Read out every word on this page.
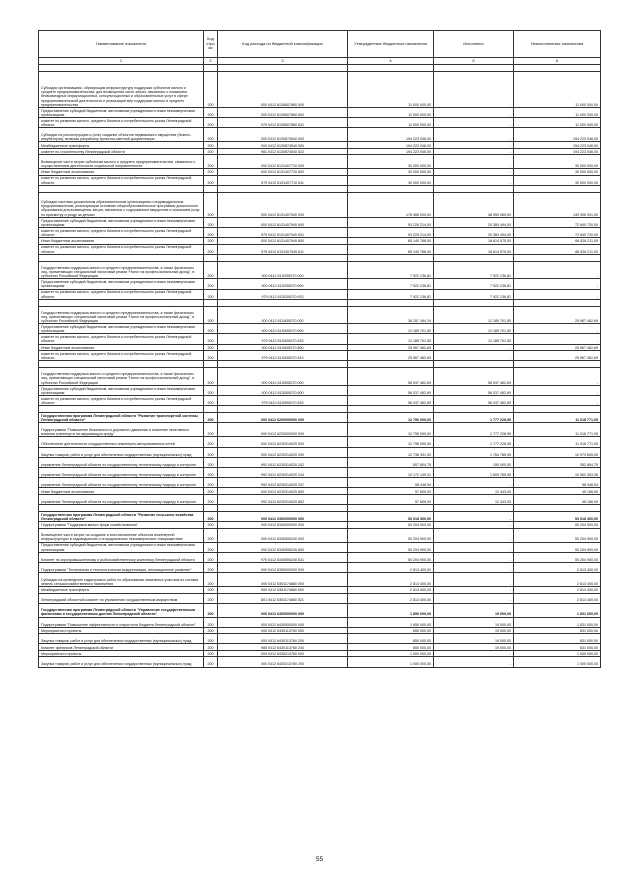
Наименование показателя	Код стро ки	Код расхода по бюджетной классификации	Утвержденные бюджетные назначения	Исполнено	Неисполненные назначения
1	2	3	4	5	6

Субсидии организациям, образующим инфраструктуру поддержки субъектов малого и среднего предпринимательства, для возмещения части затрат, связанных с оказанием безвозмездных информационных, консультационных и образовательных услуг в сфере предпринимательской деятельности и реализации мер поддержки малого и среднего предпринимательства	200	000 0412 6130607860 000	11 000 000,00	-	11 000 000,00
Предоставление субсидий бюджетным, автономным учреждениям и иным некоммерческим организациям	200	000 0412 6130607860 600	11 000 000,00	-	11 000 000,00
комитет по развитию малого, среднего бизнеса и потребительского рынка Ленинградской области	200	979 0412 6130607860 631	11 000 000,00	-	11 000 000,00
Субсидии на реконструкцию и (или) создание объектов недвижимого имущества (бизнес-инкубаторов), включая разработку проектно-сметной документации	200	000 0412 6130874540 000	194 223 046,00	-	194 223 046,00
Межбюджетные трансферты	200	000 0412 6130874540 500	194 223 046,00	-	194 223 046,00
комитет по строительству Ленинградской области	200	981 0412 6130874540 522	194 223 046,00	-	194 223 046,00
Возмещение части затрат субъектам малого и среднего предпринимательства, связанных с осуществлением деятельности социальной направленности	200	000 0412 6131407710 000	30 000 000,00	-	30 000 000,00
Иные бюджетные ассигнования	200	000 0412 6131407710 800	30 000 000,00	-	30 000 000,00
комитет по развитию малого, среднего бизнеса и потребительского рынка Ленинградской области	200	979 0412 6131407710 811	30 000 000,00	-	30 000 000,00

Субсидии частным дошкольным образовательным организациям и индивидуальным предпринимателям, реализующим основные общеобразовательные программы дошкольного образования для возмещения затрат, связанных с содержанием имущества и оказанием услуг по присмотру и уходу за детьми	200	000 0412 6131407940 000	178 366 000,00	38 959 069,00	139 306 931,00
Предоставление субсидий бюджетным, автономным учреждениям и иным некоммерческим организациям	200	000 0412 6131407940 600	93 225 214,00	20 384 494,00	72 840 720,00
комитет по развитию малого, среднего бизнеса и потребительского рынка Ленинградской области	200	979 0412 6131407940 631	93 225 214,00	20 384 494,00	72 840 720,00
Иные бюджетные ассигнования	200	000 0412 6131407940 800	85 140 786,00	18 614 575,00	66 526 211,00
комитет по развитию малого, среднего бизнеса и потребительского рынка Ленинградской области	200	979 0412 6131407940 811	85 140 786,00	18 614 575,00	66 526 211,00

Государственная поддержка малого и среднего предпринимательства, а также физических лиц, применяющих специальный налоговый режим "Налог на профессиональный доход", в субъектах Российской Федерации	200	000 0412 613I255270 000	7 922 236,81	7 922 236,81	-
Предоставление субсидий бюджетным, автономным учреждениям и иным некоммерческим организациям	200	000 0412 613I255270 600	7 922 236,81	7 922 236,81	-
комитет по развитию малого, среднего бизнеса и потребительского рынка Ленинградской области	200	979 0412 613I255270 633	7 922 236,81	7 922 236,81	-

Государственная поддержка малого и среднего предпринимательства, а также физических лиц, применяющих специальный налоговый режим "Налог на профессиональный доход", в субъектах Российской Федерации	200	000 0412 613I455270 000	38 157 164,19	12 189 701,50	25 967 462,69
Предоставление субсидий бюджетным, автономным учреждениям и иным некоммерческим организациям	200	000 0412 613I455270 600	12 189 701,50	12 189 701,50	-
комитет по развитию малого, среднего бизнеса и потребительского рынка Ленинградской области	200	979 0412 613I455270 633	12 189 701,50	12 189 701,50	-
Иные бюджетные ассигнования	200	000 0412 613I455270 800	25 967 462,69	-	25 967 462,69
комитет по развитию малого, среднего бизнеса и потребительского рынка Ленинградской области	200	979 0412 613I455270 813	25 967 462,69	-	25 967 462,69

Государственная поддержка малого и среднего предпринимательства, а также физических лиц, применяющих специальный налоговый режим "Налог на профессиональный доход", в субъектах Российской Федерации	200	000 0412 613I555270 000	56 037 462,69	56 037 462,69	-
Предоставление субсидий бюджетным, автономным учреждениям и иным некоммерческим организациям	200	000 0412 613I555270 600	56 037 462,69	56 037 462,69	-
комитет по развитию малого, среднего бизнеса и потребительского рынка Ленинградской области	200	979 0412 613I555270 633	56 037 462,69	56 037 462,69	-

Государственная программа Ленинградской области "Развитие транспортной системы Ленинградской области"	200	000 0412 6200000000 000	12 796 000,00	1 777 228,95	11 018 771,05
Подпрограмма "Повышение безопасности дорожного движения и снижение негативного влияния транспорта на окружающую среду"	200	000 0412 6230000000 000	12 796 000,00	1 777 228,95	11 018 771,05
Обеспечение деятельности государственных инженерно-авторизованных сетей	200	000 0412 6230314020 000	12 796 000,00	1 777 228,95	11 018 771,05
Закупка товаров, работ и услуг для обеспечения государственных (муниципальных) нужд	200	000 0412 6230314020 200	12 738 391,00	1 764 785,95	10 973 605,05
управление Ленинградской области по государственному техническому надзору и контролю	200	992 0412 6230314020 242	507 804,75	155 000,00	352 804,75
управление Ленинградской области по государственному техническому надзору и контролю	200	992 0412 6230314020 244	12 172 139,31	1 609 785,95	10 562 353,36
управление Ленинградской области по государственному техническому надзору и контролю	200	992 0412 6230314020 247	58 446,94	-	58 446,94
Иные бюджетные ассигнования	200	000 0412 6230314020 800	57 609,00	12 443,00	45 166,00
управление Ленинградской области по государственному техническому надзору и контролю	200	992 0412 6230314020 852	57 609,00	12 443,00	45 166,00

Государственная программа Ленинградской области "Развитие сельского хозяйства Ленинградской области"	200	000 0412 6300000000 000	53 018 300,00	-	53 018 300,00
Подпрограмма "Поддержка малых форм хозяйствования"	200	000 0412 6340000000 000	50 204 900,00	-	50 204 900,00
Возмещение части затрат на создание и восстановление объектов инженерной инфраструктуры в садоводческих и огороднических некоммерческих товариществах	200	000 0412 6340506240 000	50 204 900,00	-	50 204 900,00
Предоставление субсидий бюджетным, автономным учреждениям и иным некоммерческим организациям	200	000 0412 6340506240 600	50 204 900,00	-	50 204 900,00
Комитет по агропромышленному и рыбохозяйственному комплексу Ленинградской области	200	975 0412 6340506240 631	50 204 900,00	-	50 204 900,00
Подпрограмма "Техническая и технологическая модернизация, инновационное развитие"	200	000 0412 6350000000 000	2 813 400,00	-	2 813 400,00
Субсидии на проведение кадастровых работ по образованию земельных участков из состава земель сельскохозяйственного назначения	200	000 0412 6351174680 000	2 813 400,00	-	2 813 400,00
Межбюджетные трансферты	200	000 0412 6351174680 500	2 813 400,00	-	2 813 400,00
Ленинградский областной комитет по управлению государственным имуществом	200	801 0412 6351174680 521	2 813 400,00	-	2 813 400,00
Государственная программа Ленинградской области "Управление государственными финансами и государственным долгом Ленинградской области"	200	000 0412 6400000000 000	1 850 000,00	19 000,00	1 831 000,00
Подпрограмма "Повышение эффективности и открытости бюджета Ленинградской области"	200	000 0412 6430000000 000	1 850 000,00	19 000,00	1 831 000,00
Мероприятия и проекты	200	000 0412 6430113760 000	850 000,00	19 000,00	831 000,00
Закупка товаров, работ и услуг для обеспечения государственных (муниципальных) нужд	200	000 0412 6430113760 200	850 000,00	19 000,00	831 000,00
Комитет финансов Ленинградской области	200	985 0412 6430113760 244	850 000,00	19 000,00	831 000,00
Мероприятия и проекты	200	000 0412 6430213760 000	1 000 000,00	-	1 000 000,00
Закупка товаров, работ и услуг для обеспечения государственных (муниципальных) нужд	200	000 0412 6430213760 200	1 000 000,00	-	1 000 000,00
55
